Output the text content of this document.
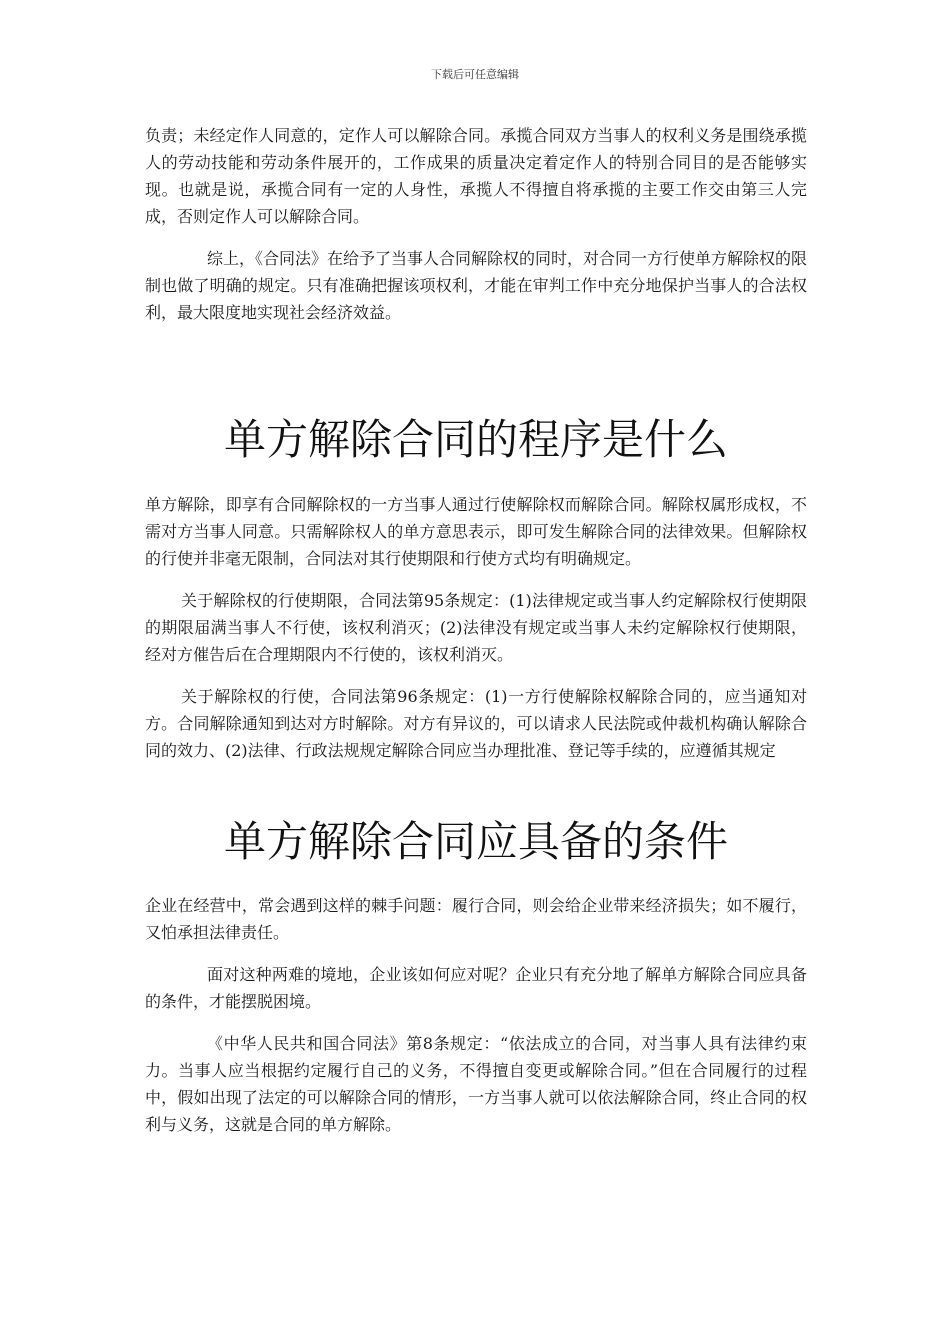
下载后可任意编辑

负责；未经定作人同意的，定作人可以解除合同。承揽合同双方当事人的权利义务是围绕承揽人的劳动技能和劳动条件展开的，工作成果的质量决定着定作人的特别合同目的是否能够实现。也就是说，承揽合同有一定的人身性，承揽人不得擅自将承揽的主要工作交由第三人完成，否则定作人可以解除合同。

综上，《合同法》在给予了当事人合同解除权的同时，对合同一方行使单方解除权的限制也做了明确的规定。只有准确把握该项权利，才能在审判工作中充分地保护当事人的合法权利，最大限度地实现社会经济效益。

单方解除合同的程序是什么

单方解除，即享有合同解除权的一方当事人通过行使解除权而解除合同。解除权属形成权，不需对方当事人同意。只需解除权人的单方意思表示，即可发生解除合同的法律效果。但解除权的行使并非毫无限制，合同法对其行使期限和行使方式均有明确规定。

关于解除权的行使期限，合同法第95条规定：(1)法律规定或当事人约定解除权行使期限的期限届满当事人不行使，该权利消灭；(2)法律没有规定或当事人未约定解除权行使期限，经对方催告后在合理期限内不行使的，该权利消灭。

关于解除权的行使，合同法第96条规定：(1)一方行使解除权解除合同的，应当通知对方。合同解除通知到达对方时解除。对方有异议的，可以请求人民法院或仲裁机构确认解除合同的效力、(2)法律、行政法规规定解除合同应当办理批准、登记等手续的，应遵循其规定

单方解除合同应具备的条件

企业在经营中，常会遇到这样的棘手问题：履行合同，则会给企业带来经济损失；如不履行，又怕承担法律责任。

面对这种两难的境地，企业该如何应对呢？企业只有充分地了解单方解除合同应具备的条件，才能摆脱困境。

《中华人民共和国合同法》第8条规定：“依法成立的合同，对当事人具有法律约束力。当事人应当根据约定履行自己的义务，不得擅自变更或解除合同。”但在合同履行的过程中，假如出现了法定的可以解除合同的情形，一方当事人就可以依法解除合同，终止合同的权利与义务，这就是合同的单方解除。
